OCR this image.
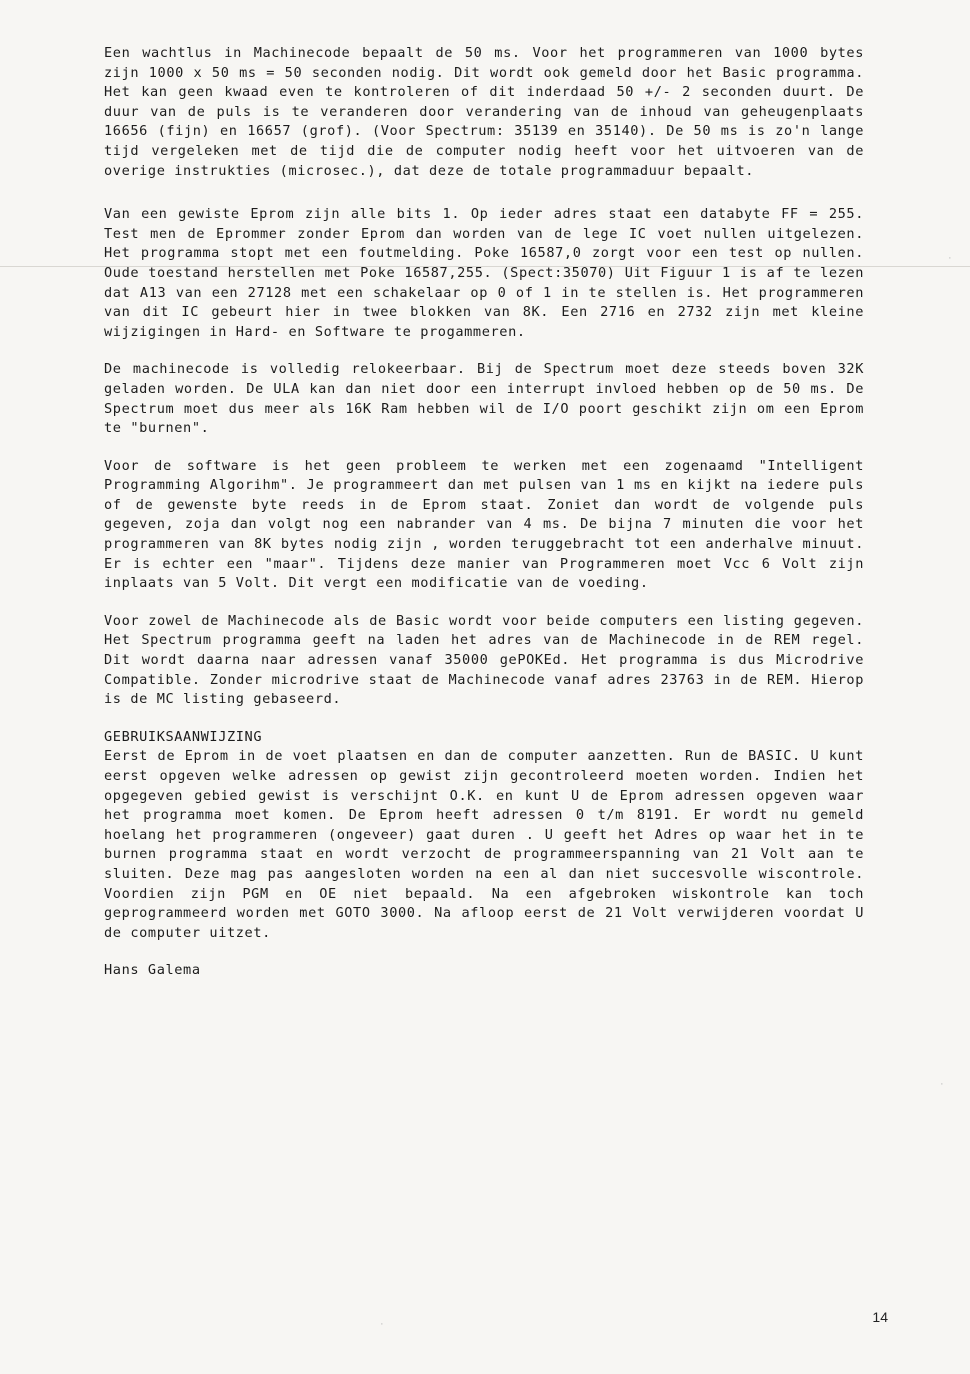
Een wachtlus in Machinecode bepaalt de 50 ms. Voor het programmeren van 1000 bytes zijn 1000 x 50 ms = 50 seconden nodig. Dit wordt ook gemeld door het Basic programma. Het kan geen kwaad even te kontroleren of dit inderdaad 50 +/- 2 seconden duurt. De duur van de puls is te veranderen door verandering van de inhoud van geheugenplaats 16656 (fijn) en 16657 (grof). (Voor Spectrum: 35139 en 35140). De 50 ms is zo'n lange tijd vergeleken met de tijd die de computer nodig heeft voor het uitvoeren van de overige instrukties (microsec.), dat deze de totale programmaduur bepaalt.

Van een gewiste Eprom zijn alle bits 1. Op ieder adres staat een databyte FF = 255. Test men de Eprommer zonder Eprom dan worden van de lege IC voet nullen uitgelezen. Het programma stopt met een foutmelding. Poke 16587,0 zorgt voor een test op nullen. Oude toestand herstellen met Poke 16587,255. (Spect:35070) Uit Figuur 1 is af te lezen dat A13 van een 27128 met een schakelaar op 0 of 1 in te stellen is. Het programmeren van dit IC gebeurt hier in twee blokken van 8K. Een 2716 en 2732 zijn met kleine wijzigingen in Hard- en Software te progammeren.

De machinecode is volledig relokeerbaar. Bij de Spectrum moet deze steeds boven 32K geladen worden. De ULA kan dan niet door een interrupt invloed hebben op de 50 ms. De Spectrum moet dus meer als 16K Ram hebben wil de I/O poort geschikt zijn om een Eprom te "burnen".

Voor de software is het geen probleem te werken met een zogenaamd "Intelligent Programming Algorihm". Je programmeert dan met pulsen van 1 ms en kijkt na iedere puls of de gewenste byte reeds in de Eprom staat. Zoniet dan wordt de volgende puls gegeven, zoja dan volgt nog een nabrander van 4 ms. De bijna 7 minuten die voor het programmeren van 8K bytes nodig zijn , worden teruggebracht tot een anderhalve minuut. Er is echter een "maar". Tijdens deze manier van Programmeren moet Vcc 6 Volt zijn inplaats van 5 Volt. Dit vergt een modificatie van de voeding.

Voor zowel de Machinecode als de Basic wordt voor beide computers een listing gegeven. Het Spectrum programma geeft na laden het adres van de Machinecode in de REM regel. Dit wordt daarna naar adressen vanaf 35000 gePOKEd. Het programma is dus Microdrive Compatible. Zonder microdrive staat de Machinecode vanaf adres 23763 in de REM. Hierop is de MC listing gebaseerd.

GEBRUIKSAANWIJZING

Eerst de Eprom in de voet plaatsen en dan de computer aanzetten. Run de BASIC. U kunt eerst opgeven welke adressen op gewist zijn gecontroleerd moeten worden. Indien het opgegeven gebied gewist is verschijnt O.K. en kunt U de Eprom adressen opgeven waar het programma moet komen. De Eprom heeft adressen 0 t/m 8191. Er wordt nu gemeld hoelang het programmeren (ongeveer) gaat duren . U geeft het Adres op waar het in te burnen programma staat en wordt verzocht de programmeerspanning van 21 Volt aan te sluiten. Deze mag pas aangesloten worden na een al dan niet succesvolle wiscontrole. Voordien zijn PGM en OE niet bepaald. Na een afgebroken wiskontrole kan toch geprogrammeerd worden met GOTO 3000. Na afloop eerst de 21 Volt verwijderen voordat U de computer uitzet.

Hans Galema
14
·
·
·
